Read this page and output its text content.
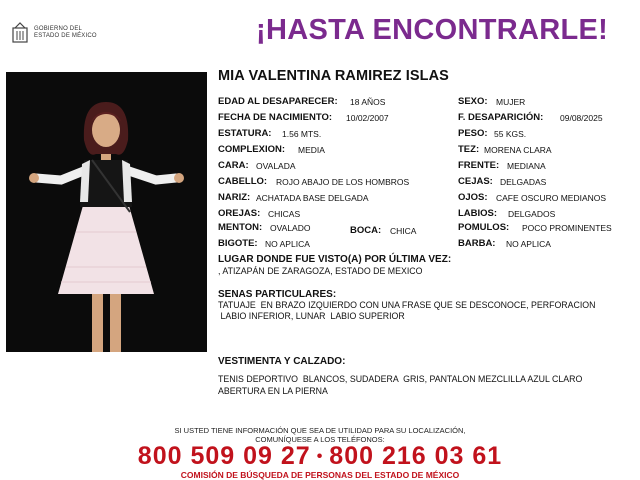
GOBIERNO DEL
ESTADO DE MÉXICO	¡HASTA ENCONTRARLE!
MIA VALENTINA RAMIREZ ISLAS
EDAD AL DESAPARECER: 18 AÑOS	SEXO: MUJER
FECHA DE NACIMIENTO: 10/02/2007	F. DESAPARICIÓN: 09/08/2025
ESTATURA: 1.56 MTS.	PESO: 55 KGS.
COMPLEXION: MEDIA	TEZ: MORENA CLARA
CARA: OVALADA	FRENTE: MEDIANA
CABELLO: ROJO ABAJO DE LOS HOMBROS	CEJAS: DELGADAS
NARIZ: ACHATADA BASE DELGADA	OJOS: CAFE OSCURO MEDIANOS
OREJAS: CHICAS	LABIOS: DELGADOS
MENTON: OVALADO	BOCA: CHICA	POMULOS: POCO PROMINENTES
BIGOTE: NO APLICA	BARBA: NO APLICA
LUGAR DONDE FUE VISTO(A) POR ÚLTIMA VEZ:
, ATIZAPÁN DE ZARAGOZA, ESTADO DE MEXICO
SENAS PARTICULARES:
TATUAJE  EN BRAZO IZQUIERDO CON UNA FRASE QUE SE DESCONOCE, PERFORACION
LABIO INFERIOR, LUNAR  LABIO SUPERIOR
VESTIMENTA Y CALZADO:
TENIS DEPORTIVO  BLANCOS, SUDADERA  GRIS, PANTALON MEZCLILLA AZUL CLARO
ABERTURA EN LA PIERNA
SI USTED TIENE INFORMACIÓN QUE SEA DE UTILIDAD PARA SU LOCALIZACIÓN,
COMUNÍQUESE A LOS TELÉFONOS:
800 509 09 27 • 800 216 03 61
COMISIÓN DE BÚSQUEDA DE PERSONAS DEL ESTADO DE MÉXICO
